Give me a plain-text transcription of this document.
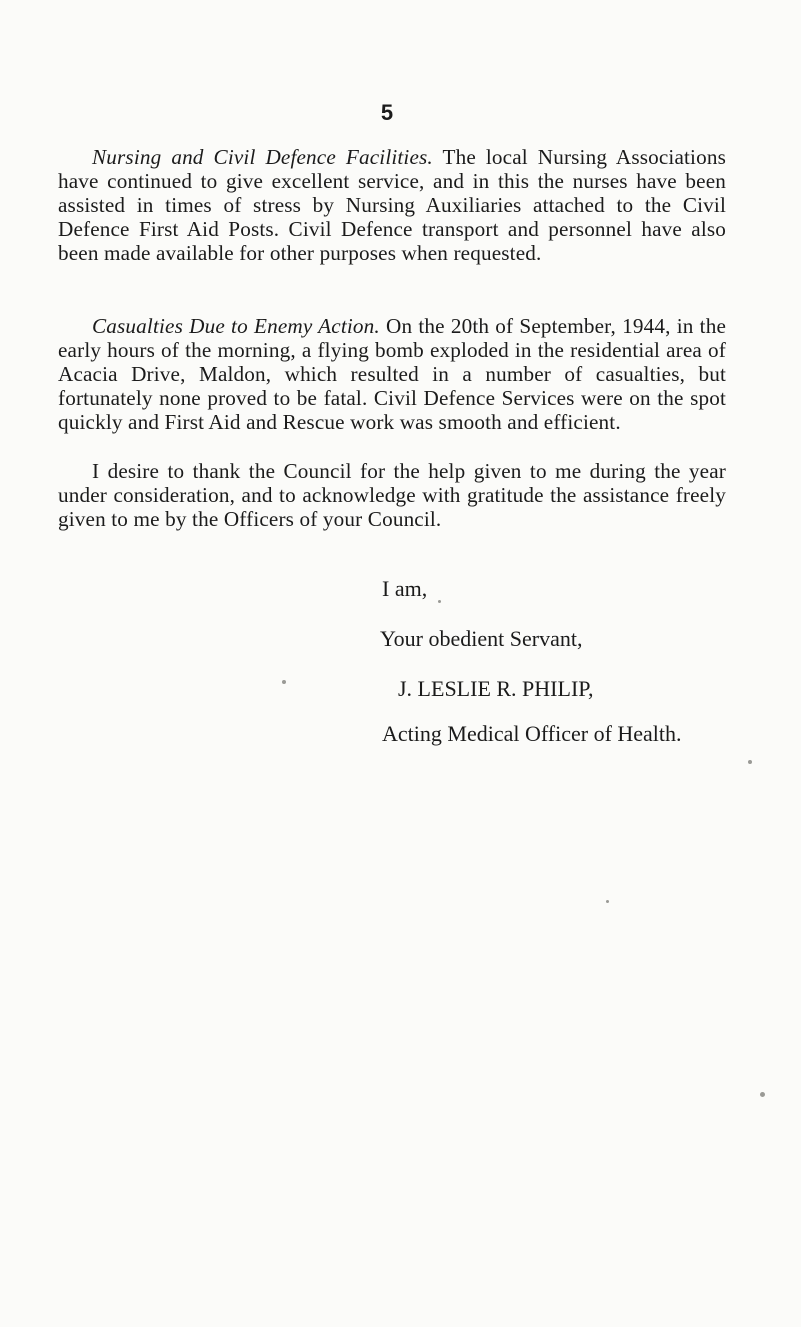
5

Nursing and Civil Defence Facilities. The local Nursing Associations have continued to give excellent service, and in this the nurses have been assisted in times of stress by Nursing Auxiliaries attached to the Civil Defence First Aid Posts. Civil Defence transport and personnel have also been made available for other purposes when requested.

Casualties Due to Enemy Action. On the 20th of September, 1944, in the early hours of the morning, a flying bomb exploded in the residential area of Acacia Drive, Maldon, which resulted in a number of casualties, but fortunately none proved to be fatal. Civil Defence Services were on the spot quickly and First Aid and Rescue work was smooth and efficient.

I desire to thank the Council for the help given to me during the year under consideration, and to acknowledge with gratitude the assistance freely given to me by the Officers of your Council.

I am,
Your obedient Servant,
J. LESLIE R. PHILIP,
Acting Medical Officer of Health.
